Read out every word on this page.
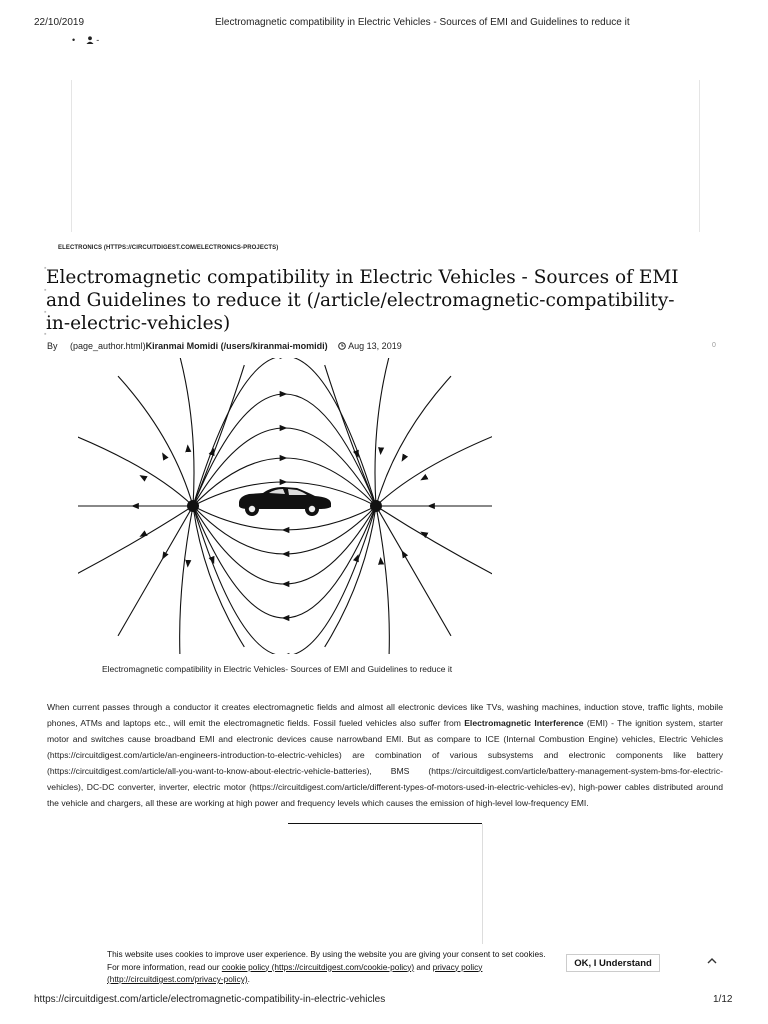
22/10/2019	Electromagnetic compatibility in Electric Vehicles - Sources of EMI and Guidelines to reduce it
• -
ELECTRONICS (HTTPS://CIRCUITDIGEST.COM/ELECTRONICS-PROJECTS)
▪
▪
▪
▪
Electromagnetic compatibility in Electric Vehicles - Sources of EMI and Guidelines to reduce it (/article/electromagnetic-compatibility-in-electric-vehicles)
By (page_author.html)Kiranmai Momidi (/users/kiranmai-momidi) Aug 13, 2019	0
Electromagnetic compatibility in Electric Vehicles- Sources of EMI and Guidelines to reduce it

When current passes through a conductor it creates electromagnetic fields and almost all electronic devices like TVs, washing machines, induction stove, traffic lights, mobile phones, ATMs and laptops etc., will emit the electromagnetic fields. Fossil fueled vehicles also suffer from Electromagnetic Interference (EMI) - The ignition system, starter motor and switches cause broadband EMI and electronic devices cause narrowband EMI. But as compare to ICE (Internal Combustion Engine) vehicles, Electric Vehicles (https://circuitdigest.com/article/an-engineers-introduction-to-electric-vehicles) are combination of various subsystems and electronic components like battery (https://circuitdigest.com/article/all-you-want-to-know-about-electric-vehicle-batteries), BMS (https://circuitdigest.com/article/battery-management-system-bms-for-electric-vehicles), DC-DC converter, inverter, electric motor (https://circuitdigest.com/article/different-types-of-motors-used-in-electric-vehicles-ev), high-power cables distributed around the vehicle and chargers, all these are working at high power and frequency levels which causes the emission of high-level low-frequency EMI.

This website uses cookies to improve user experience. By using the website you are giving your consent to set cookies. For more information, read our cookie policy (https://circuitdigest.com/cookie-policy) and privacy policy (http://circuitdigest.com/privacy-policy).
OK, I Understand
https://circuitdigest.com/article/electromagnetic-compatibility-in-electric-vehicles	1/12
